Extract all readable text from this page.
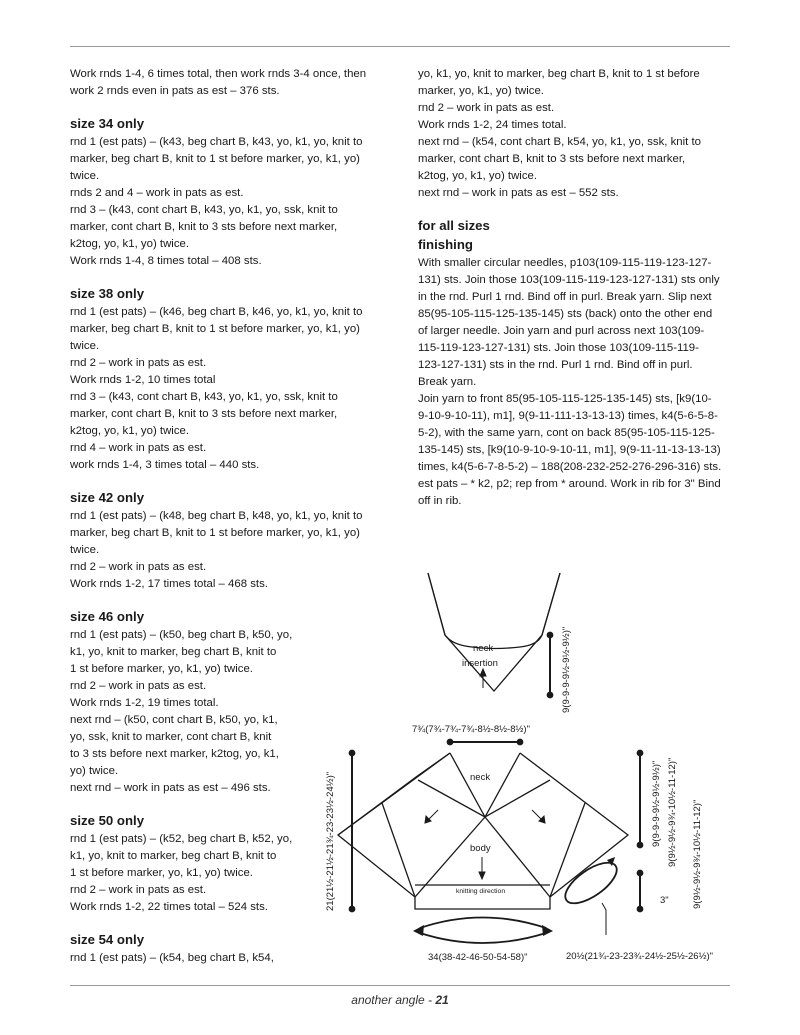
Work rnds 1-4, 6 times total, then work rnds 3-4 once, then

work 2 rnds even in pats as est – 376 sts.

size 34 only

rnd 1 (est pats) – (k43, beg chart B, k43, yo, k1, yo, knit to

marker, beg chart B, knit to 1 st before marker, yo, k1, yo)

twice.

rnds 2 and 4 – work in pats as est.

rnd 3 – (k43, cont chart B, k43, yo, k1, yo, ssk, knit to

marker, cont chart B, knit to 3 sts before next marker,

k2tog, yo, k1, yo) twice.

Work rnds 1-4, 8 times total – 408 sts.

size 38 only

rnd 1 (est pats) – (k46, beg chart B, k46, yo, k1, yo, knit to

marker, beg chart B, knit to 1 st before marker, yo, k1, yo)

twice.

rnd 2 – work in pats as est.

Work rnds 1-2, 10 times total

rnd 3 – (k43, cont chart B, k43, yo, k1, yo, ssk, knit to

marker, cont chart B, knit to 3 sts before next marker,

k2tog, yo, k1, yo) twice.

rnd 4 – work in pats as est.

work rnds 1-4, 3 times total – 440 sts.

size 42 only

rnd 1 (est pats) – (k48, beg chart B, k48, yo, k1, yo, knit to

marker, beg chart B, knit to 1 st before marker, yo, k1, yo)

twice.

rnd 2 – work in pats as est.

Work rnds 1-2, 17 times total – 468 sts.

size 46 only

rnd 1 (est pats) – (k50, beg chart B, k50, yo,

k1, yo, knit to marker, beg chart B, knit to

1 st before marker, yo, k1, yo) twice.

rnd 2 – work in pats as est.

Work rnds 1-2, 19 times total.

next rnd – (k50, cont chart B, k50, yo, k1,

yo, ssk, knit to marker, cont chart B, knit

to 3 sts before next marker, k2tog, yo, k1,

yo) twice.

next rnd – work in pats as est – 496 sts.

size 50 only

rnd 1 (est pats) – (k52, beg chart B, k52, yo,

k1, yo, knit to marker, beg chart B, knit to

1 st before marker, yo, k1, yo) twice.

rnd 2 – work in pats as est.

Work rnds 1-2, 22 times total – 524 sts.

size 54 only

rnd 1 (est pats) – (k54, beg chart B, k54,

yo, k1, yo, knit to marker, beg chart B, knit to 1 st before

marker, yo, k1, yo) twice.

rnd 2 – work in pats as est.

Work rnds 1-2, 24 times total.

next rnd – (k54, cont chart B, k54, yo, k1, yo, ssk, knit to

marker, cont chart B, knit to 3 sts before next marker,

k2tog, yo, k1, yo) twice.

next rnd – work in pats as est – 552 sts.

for all sizes

finishing

With smaller circular needles, p103(109-115-119-123-127-

131) sts. Join those 103(109-115-119-123-127-131) sts only

in the rnd. Purl 1 rnd. Bind off in purl. Break yarn. Slip next

85(95-105-115-125-135-145) sts (back) onto the other end

of larger needle. Join yarn and purl across next 103(109-

115-119-123-127-131) sts. Join those 103(109-115-119-

123-127-131) sts in the rnd. Purl 1 rnd. Bind off in purl.

Break yarn.

Join yarn to front 85(95-105-115-125-135-145) sts, [k9(10-

9-10-9-10-11), m1], 9(9-11-111-13-13-13) times, k4(5-6-5-8-

5-2), with the same yarn, cont on back 85(95-105-115-125-

135-145) sts, [k9(10-9-10-9-10-11, m1], 9(9-11-11-13-13-13)

times, k4(5-6-7-8-5-2) – 188(208-232-252-276-296-316) sts.

est pats – * k2, p2; rep from * around. Work in rib for 3" Bind

off in rib.

neck
insertion	9(9-9-9-9½-9½-9½)"
7¾(7¾-7¾-7¾-8½-8½-8½)"
neck
body
knitting direction
21(21½-21½-21¾-23-23½-24½)"	9(9-9-9-9½-9½-9½)" 9(9½-9½-9¾-10½-11-12)"
3" 9(9½-9½-9¾-10½-11-12)"
34(38-42-46-50-54-58)"	20½(21¾-23-23¾-24½-25½-26½)"
another angle - 21
